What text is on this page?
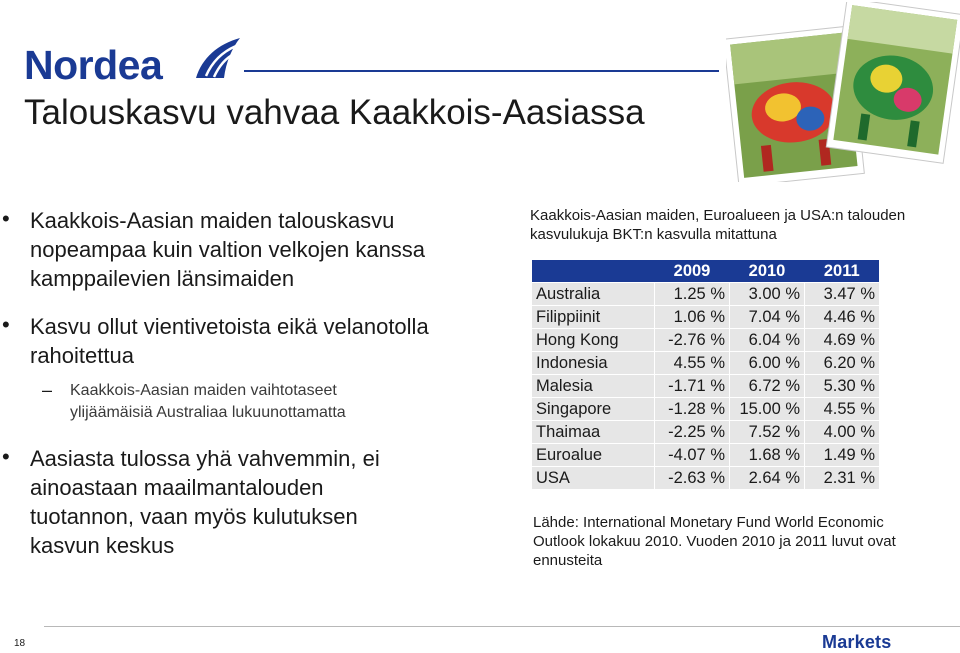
Nordea
Talouskasvu vahvaa Kaakkois-Aasiassa
• Kaakkois-Aasian maiden talouskasvu nopeampaa kuin valtion velkojen kanssa kamppailevien länsimaiden
• Kasvu ollut vientivetoista eikä velanotolla rahoitettua
– Kaakkois-Aasian maiden vaihtotaseet ylijäämäisiä Australiaa lukuunottamatta
• Aasiasta tulossa yhä vahvemmin, ei ainoastaan maailmantalouden tuotannon, vaan myös kulutuksen kasvun keskus
Kaakkois-Aasian maiden, Euroalueen ja USA:n talouden kasvulukuja BKT:n kasvulla mitattuna
	2009	2010	2011
Australia	1.25 %	3.00 %	3.47 %
Filippiinit	1.06 %	7.04 %	4.46 %
Hong Kong	-2.76 %	6.04 %	4.69 %
Indonesia	4.55 %	6.00 %	6.20 %
Malesia	-1.71 %	6.72 %	5.30 %
Singapore	-1.28 %	15.00 %	4.55 %
Thaimaa	-2.25 %	7.52 %	4.00 %
Euroalue	-4.07 %	1.68 %	1.49 %
USA	-2.63 %	2.64 %	2.31 %
Lähde: International Monetary Fund World Economic Outlook lokakuu 2010. Vuoden 2010 ja 2011 luvut ovat ennusteita
18	Markets
